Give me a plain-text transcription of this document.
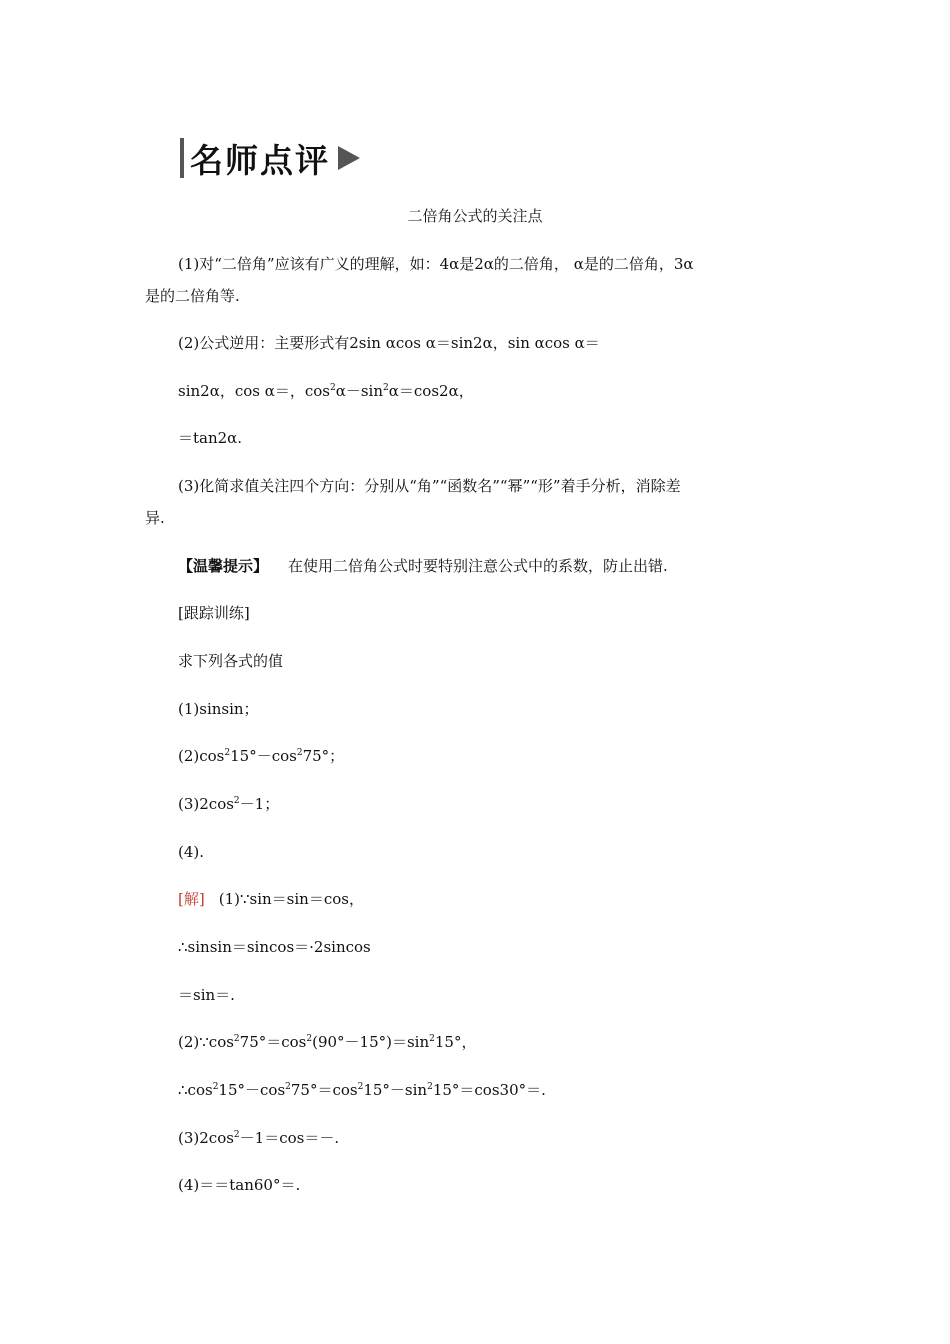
名师点评
二倍角公式的关注点
(1)对“二倍角”应该有广义的理解，如：4α是2α的二倍角， α是的二倍角，3α
是的二倍角等.
(2)公式逆用：主要形式有2sin αcos α＝sin2α，sin αcos α＝
sin2α，cos α＝，$\cos^2\alpha-\sin^2\alpha=\cos 2\alpha$，
＝tan2α.
(3)化简求值关注四个方向：分别从“角”“函数名”“幂”“形”着手分析，消除差
异.
【温馨提示】 在使用二倍角公式时要特别注意公式中的系数，防止出错.
[跟踪训练]
求下列各式的值
(1)sinsin；
$(2)\cos^215^\circ-\cos^275^\circ$；
$(3)2\cos^2-1$；
(4).
[解] (1)∵sin＝sin＝cos，
∴sinsin＝sincos＝·2sincos
＝sin＝.
$(2)\because\cos^275^\circ=\cos^2(90^\circ-15^\circ)=\sin^215^\circ$，
$\therefore\cos^215^\circ-\cos^275^\circ=\cos^215^\circ-\sin^215^\circ=\cos 30^\circ=$.
$(3)2\cos^2-1=\cos=-$.
(4)＝＝tan60°＝.
